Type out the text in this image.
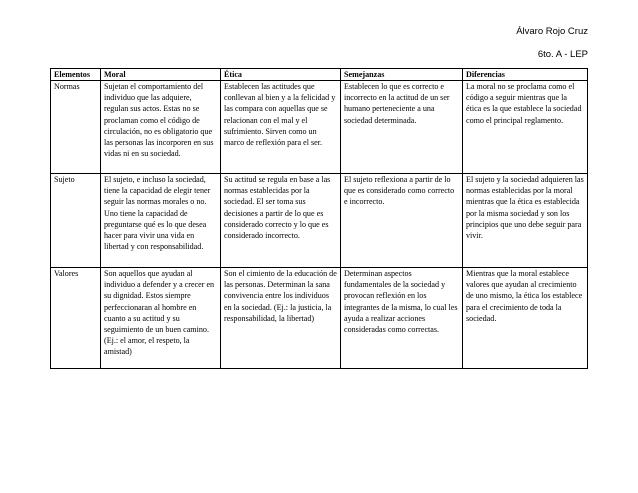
Álvaro Rojo Cruz
6to. A - LEP
Elementos	Moral	Ética	Semejanzas	Diferencias
Normas	Sujetan el comportamiento del individuo que las adquiere, regulan sus actos. Estas no se proclaman como el código de circulación, no es obligatorio que las personas las incorporen en sus vidas ni en su sociedad.	Establecen las actitudes que conllevan al bien y a la felicidad y las compara con aquellas que se relacionan con el mal y el sufrimiento. Sirven como un marco de reflexión para el ser.	Establecen lo que es correcto e incorrecto en la actitud de un ser humano perteneciente a una sociedad determinada.	La moral no se proclama como el código a seguir mientras que la ética es la que establece la sociedad como el principal reglamento.
Sujeto	El sujeto, e incluso la sociedad, tiene la capacidad de elegir tener seguir las normas morales o no. Uno tiene la capacidad de preguntarse qué es lo que desea hacer para vivir una vida en libertad y con responsabilidad.	Su actitud se regula en base a las normas establecidas por la sociedad. El ser toma sus decisiones a partir de lo que es considerado correcto y lo que es considerado incorrecto.	El sujeto reflexiona a partir de lo que es considerado como correcto e incorrecto.	El sujeto y la sociedad adquieren las normas establecidas por la moral mientras que la ética es establecida por la misma sociedad y son los principios que uno debe seguir para vivir.
Valores	Son aquellos que ayudan al individuo a defender y a crecer en su dignidad. Estos siempre perfeccionaran al hombre en cuanto a su actitud y su seguimiento de un buen camino. (Ej.: el amor, el respeto, la amistad)	Son el cimiento de la educación de las personas. Determinan la sana convivencia entre los individuos en la sociedad. (Ej.: la justicia, la responsabilidad, la libertad)	Determinan aspectos fundamentales de la sociedad y provocan reflexión en los integrantes de la misma, lo cual les ayuda a realizar acciones consideradas como correctas.	Mientras que la moral establece valores que ayudan al crecimiento de uno mismo, la ética los establece para el crecimiento de toda la sociedad.
